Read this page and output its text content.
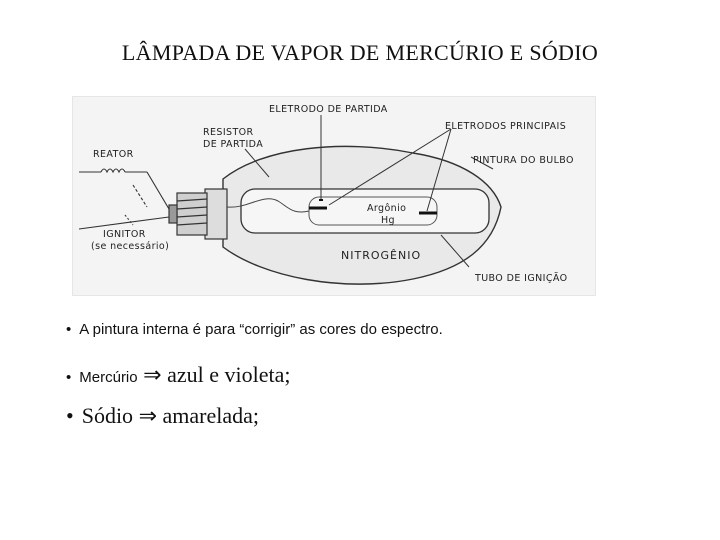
LÂMPADA DE VAPOR DE MERCÚRIO E SÓDIO
ELETRODO DE PARTIDA
RESISTOR
DE PARTIDA
REATOR
ELETRODOS PRINCIPAIS
PINTURA DO BULBO
Argônio
Hg
NITROGÊNIO
IGNITOR
(se necessário)
TUBO DE IGNIÇÃO
• A pintura interna é para “corrigir” as cores do espectro.
• Mercúrio ⇒ azul e violeta;
• Sódio ⇒ amarelada;
